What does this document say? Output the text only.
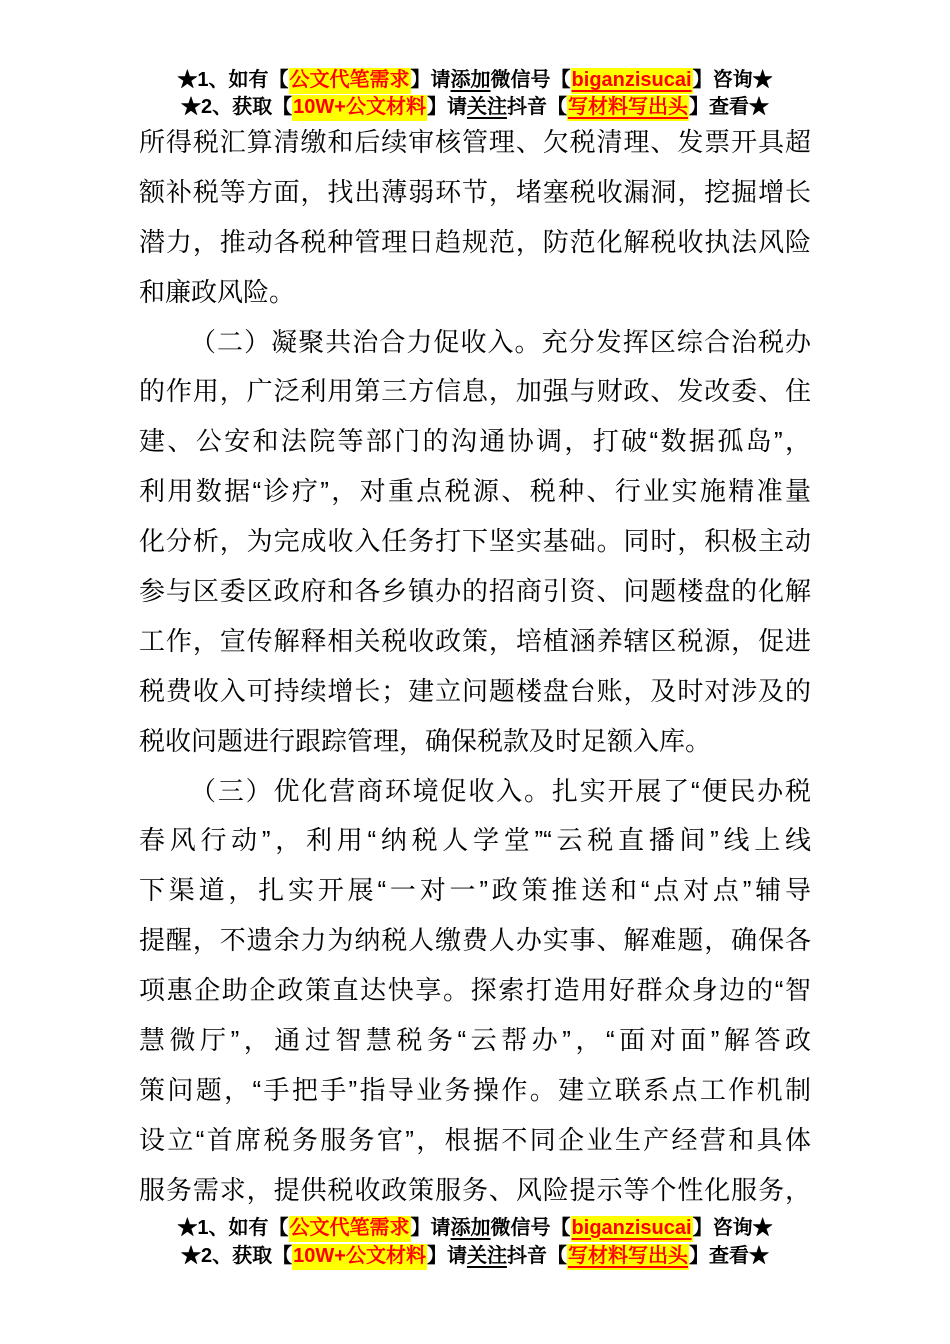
★1、如有【公文代笔需求】请添加微信号【biganzisucai】咨询★
★2、获取【10W+公文材料】请关注抖音【写材料写出头】查看★
所得税汇算清缴和后续审核管理、欠税清理、发票开具超
额补税等方面，找出薄弱环节，堵塞税收漏洞，挖掘增长
潜力，推动各税种管理日趋规范，防范化解税收执法风险
和廉政风险。
（二）凝聚共治合力促收入。充分发挥区综合治税办
的作用，广泛利用第三方信息，加强与财政、发改委、住
建、公安和法院等部门的沟通协调，打破“数据孤岛”，
利用数据“诊疗”，对重点税源、税种、行业实施精准量
化分析，为完成收入任务打下坚实基础。同时，积极主动
参与区委区政府和各乡镇办的招商引资、问题楼盘的化解
工作，宣传解释相关税收政策，培植涵养辖区税源，促进
税费收入可持续增长；建立问题楼盘台账，及时对涉及的
税收问题进行跟踪管理，确保税款及时足额入库。
（三）优化营商环境促收入。扎实开展了“便民办税
春风行动”，利用“纳税人学堂”“云税直播间”线上线
下渠道，扎实开展“一对一”政策推送和“点对点”辅导
提醒，不遗余力为纳税人缴费人办实事、解难题，确保各
项惠企助企政策直达快享。探索打造用好群众身边的“智
慧微厅”，通过智慧税务“云帮办”，“面对面”解答政
策问题，“手把手”指导业务操作。建立联系点工作机制
设立“首席税务服务官”，根据不同企业生产经营和具体
服务需求，提供税收政策服务、风险提示等个性化服务，
★1、如有【公文代笔需求】请添加微信号【biganzisucai】咨询★
★2、获取【10W+公文材料】请关注抖音【写材料写出头】查看★
